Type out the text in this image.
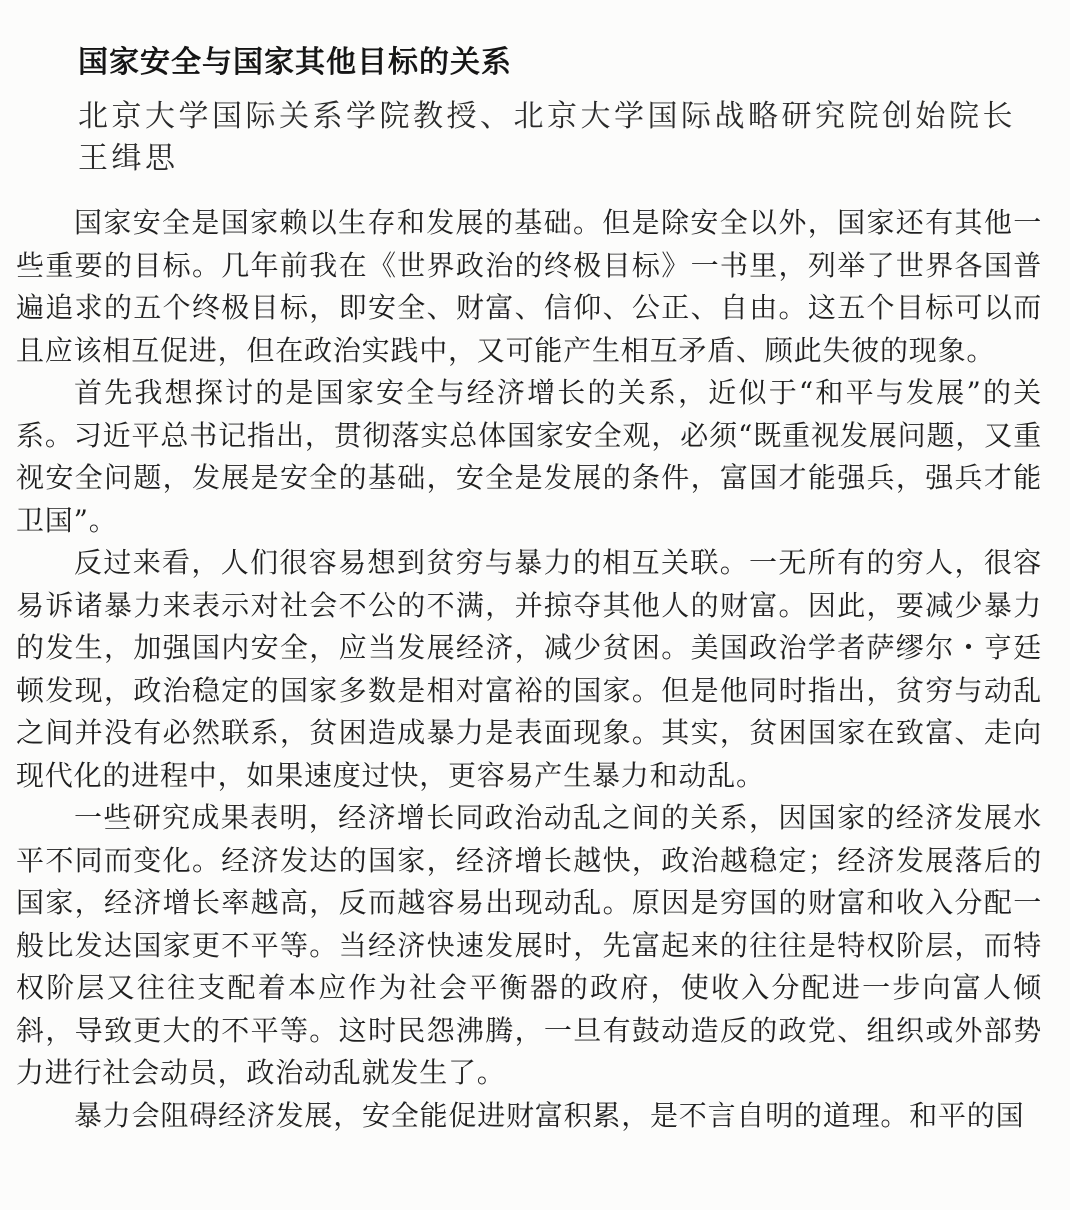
国家安全与国家其他目标的关系
北京大学国际关系学院教授、北京大学国际战略研究院创始院长
王缉思

国家安全是国家赖以生存和发展的基础。但是除安全以外，国家还有其他一些重要的目标。几年前我在《世界政治的终极目标》一书里，列举了世界各国普遍追求的五个终极目标，即安全、财富、信仰、公正、自由。这五个目标可以而且应该相互促进，但在政治实践中，又可能产生相互矛盾、顾此失彼的现象。

首先我想探讨的是国家安全与经济增长的关系，近似于“和平与发展”的关系。习近平总书记指出，贯彻落实总体国家安全观，必须“既重视发展问题，又重视安全问题，发展是安全的基础，安全是发展的条件，富国才能强兵，强兵才能卫国”。

反过来看，人们很容易想到贫穷与暴力的相互关联。一无所有的穷人，很容易诉诸暴力来表示对社会不公的不满，并掠夺其他人的财富。因此，要减少暴力的发生，加强国内安全，应当发展经济，减少贫困。美国政治学者萨缪尔・亨廷顿发现，政治稳定的国家多数是相对富裕的国家。但是他同时指出，贫穷与动乱之间并没有必然联系，贫困造成暴力是表面现象。其实，贫困国家在致富、走向现代化的进程中，如果速度过快，更容易产生暴力和动乱。

一些研究成果表明，经济增长同政治动乱之间的关系，因国家的经济发展水平不同而变化。经济发达的国家，经济增长越快，政治越稳定；经济发展落后的国家，经济增长率越高，反而越容易出现动乱。原因是穷国的财富和收入分配一般比发达国家更不平等。当经济快速发展时，先富起来的往往是特权阶层，而特权阶层又往往支配着本应作为社会平衡器的政府，使收入分配进一步向富人倾斜，导致更大的不平等。这时民怨沸腾，一旦有鼓动造反的政党、组织或外部势力进行社会动员，政治动乱就发生了。

暴力会阻碍经济发展，安全能促进财富积累，是不言自明的道理。和平的国
